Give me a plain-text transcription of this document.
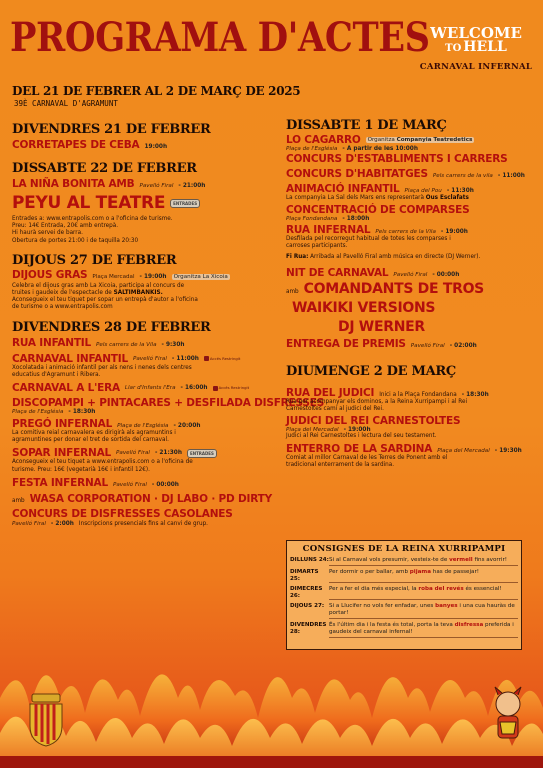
PROGRAMA D'ACTES
DEL 21 DE FEBRER AL 2 DE MARÇ DE 2025
39È CARNAVAL D'AGRAMUNT
WELCOME
TO HELL
CARNAVAL INFERNAL
DIVENDRES 21 DE FEBRER
CORRETAPES DE CEBA 19:00h
DISSABTE 22 DE FEBRER
LA NIÑA BONITA AMB Pavelló Firal - 21:00h
PEYU AL TEATRE	ENTRADES
Entrades a: www.entrapolis.com o a l'oficina de turisme.
Preu: 14€ Entrada, 20€ amb entrepà.
Hi haurà servei de barra.
Obertura de portes 21:00 i de taquilla 20:30
DIJOUS 27 DE FEBRER
DIJOUS GRAS Plaça Mercadal - 19:00h	Organitza La Xicoia
Celebra el dijous gras amb La Xicoia, participa al concurs de
truites i gaudeix de l'espectacle de SALTIMBANKIS.
Aconsegueix el teu tiquet per sopar un entrepà d'autor a l'oficina
de turisme o a www.entrapolis.com
DIVENDRES 28 DE FEBRER
RUA INFANTIL Pels carrers de la Vila - 9:30h
CARNAVAL INFANTIL Pavelló Firal - 11:00h	Accés Restringit
Xocolatada i animació infantil per als nens i nenes dels centres
educatius d'Agramunt i Ribera.
CARNAVAL A L'ERA Llar d'Infants l'Era - 16:00h	Accés Restringit
DISCOPAMPI + PINTACARES + DESFILADA DISFRESSES
Plaça de l'Església - 18:30h
PREGÓ INFERNAL Plaça de l'Església - 20:00h
La comitiva reial carnavalera es dirigirà als agramuntins i
agramuntines per donar el tret de sortida del carnaval.
SOPAR INFERNAL Pavelló Firal - 21:30h	ENTRADES
Aconsegueix el teu tiquet a www.entrapolis.com o a l'oficina de
turisme. Preu: 16€ (vegetarià 16€ i infantil 12€).
FESTA INFERNAL Pavelló Firal - 00:00h
amb WASA CORPORATION · DJ LABO · PD DIRTY
CONCURS DE DISFRESSES CASOLANES
Pavelló Firal - 2:00h Inscripcions presencials fins al canvi de grup.
DISSABTE 1 DE MARÇ
LO CAGARRO	Organitza Companyia Teatredetics
Plaça de l'Església - A partir de les 10:00h
CONCURS D'ESTABLIMENTS I CARRERS
CONCURS D'HABITATGES Pels carrers de la vila - 11:00h
ANIMACIÓ INFANTIL Plaça del Pou - 11:30h
La companyia La Sal dels Mars ens representarà Ous Esclafats
CONCENTRACIÓ DE COMPARSES
Plaça Fondandana - 18:00h
RUA INFERNAL Pels carrers de la Vila - 19:00h
Desfilada pel recorregut habitual de totes les comparses i
carroses participants.
Fi Rua: Arribada al Pavelló Firal amb música en directe (DJ Werner).
NIT DE CARNAVAL Pavelló Firal - 00:00h
amb COMANDANTS DE TROS
WAIKIKI VERSIONS
DJ WERNER
ENTREGA DE PREMIS Pavelló Firal - 02:00h
DIUMENGE 2 DE MARÇ
RUA DEL JUDICI Inici a la Plaça Fondandana - 18:30h
Rua per acompanyar els dominos, a la Reina Xurripampi i al Rei
Carnestoltes camí al judici del Rei.
JUDICI DEL REI CARNESTOLTES
Plaça del Mercadal - 19:00h
Judici al Rei Carnestoltes i lectura del seu testament.
ENTERRO DE LA SARDINA Plaça del Mercadal - 19:30h
Comiat al millor Carnaval de les Terres de Ponent amb el
tradicional enterrament de la sardina.
CONSIGNES DE LA REINA XURRIPAMPI
DILLUNS 24: Si al Carnaval vols presumir, vesteix-te de vermell fins avorrir!
DIMARTS 25:
Per dormir o per ballar, amb pijama has de passejar!
DIMECRES 26:
Per a fer el dia més especial, la roba del revés és essencial!
DIJOUS 27: Si a Llucifer no vols fer enfadar, unes banyes i una cua hauràs de portar!
DIVENDRES 28:
És l'últim dia i la festa és total, porta la teva disfressa preferida i gaudeix del carnaval infernal!
